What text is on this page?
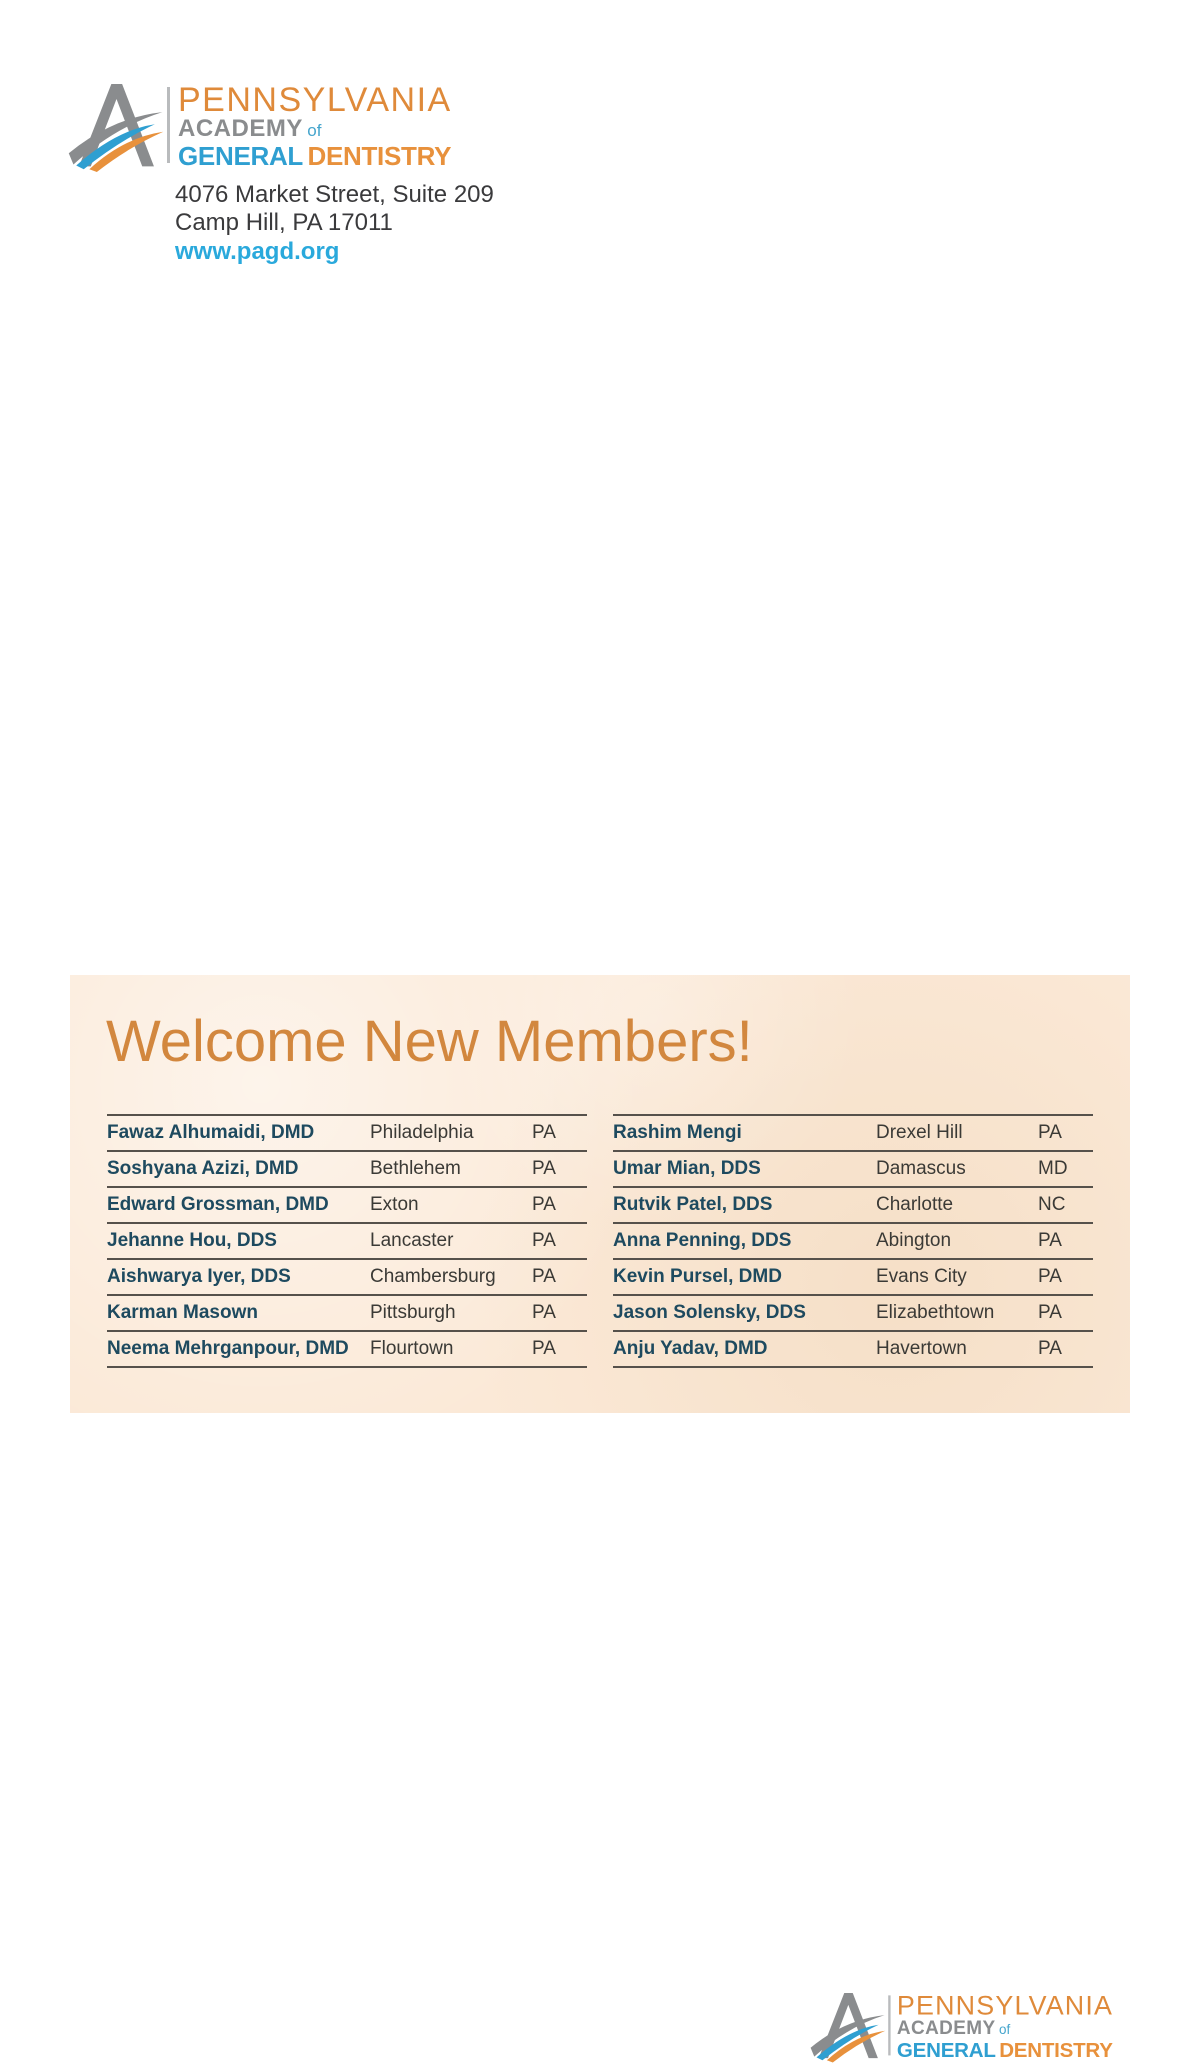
PENNSYLVANIA
ACADEMY of
GENERAL DENTISTRY
4076 Market Street, Suite 209
Camp Hill, PA 17011
www.pagd.org
Welcome New Members!
PENNSYLVANIA
ACADEMY of
GENERAL DENTISTRY
Fawaz Alhumaidi, DMD	Philadelphia	PA
Soshyana Azizi, DMD	Bethlehem	PA
Edward Grossman, DMD	Exton	PA
Jehanne Hou, DDS	Lancaster	PA
Aishwarya Iyer, DDS	Chambersburg	PA
Karman Masown	Pittsburgh	PA
Neema Mehrganpour, DMD	Flourtown	PA
Rashim Mengi	Drexel Hill	PA
Umar Mian, DDS	Damascus	MD
Rutvik Patel, DDS	Charlotte	NC
Anna Penning, DDS	Abington	PA
Kevin Pursel, DMD	Evans City	PA
Jason Solensky, DDS	Elizabethtown	PA
Anju Yadav, DMD	Havertown	PA
